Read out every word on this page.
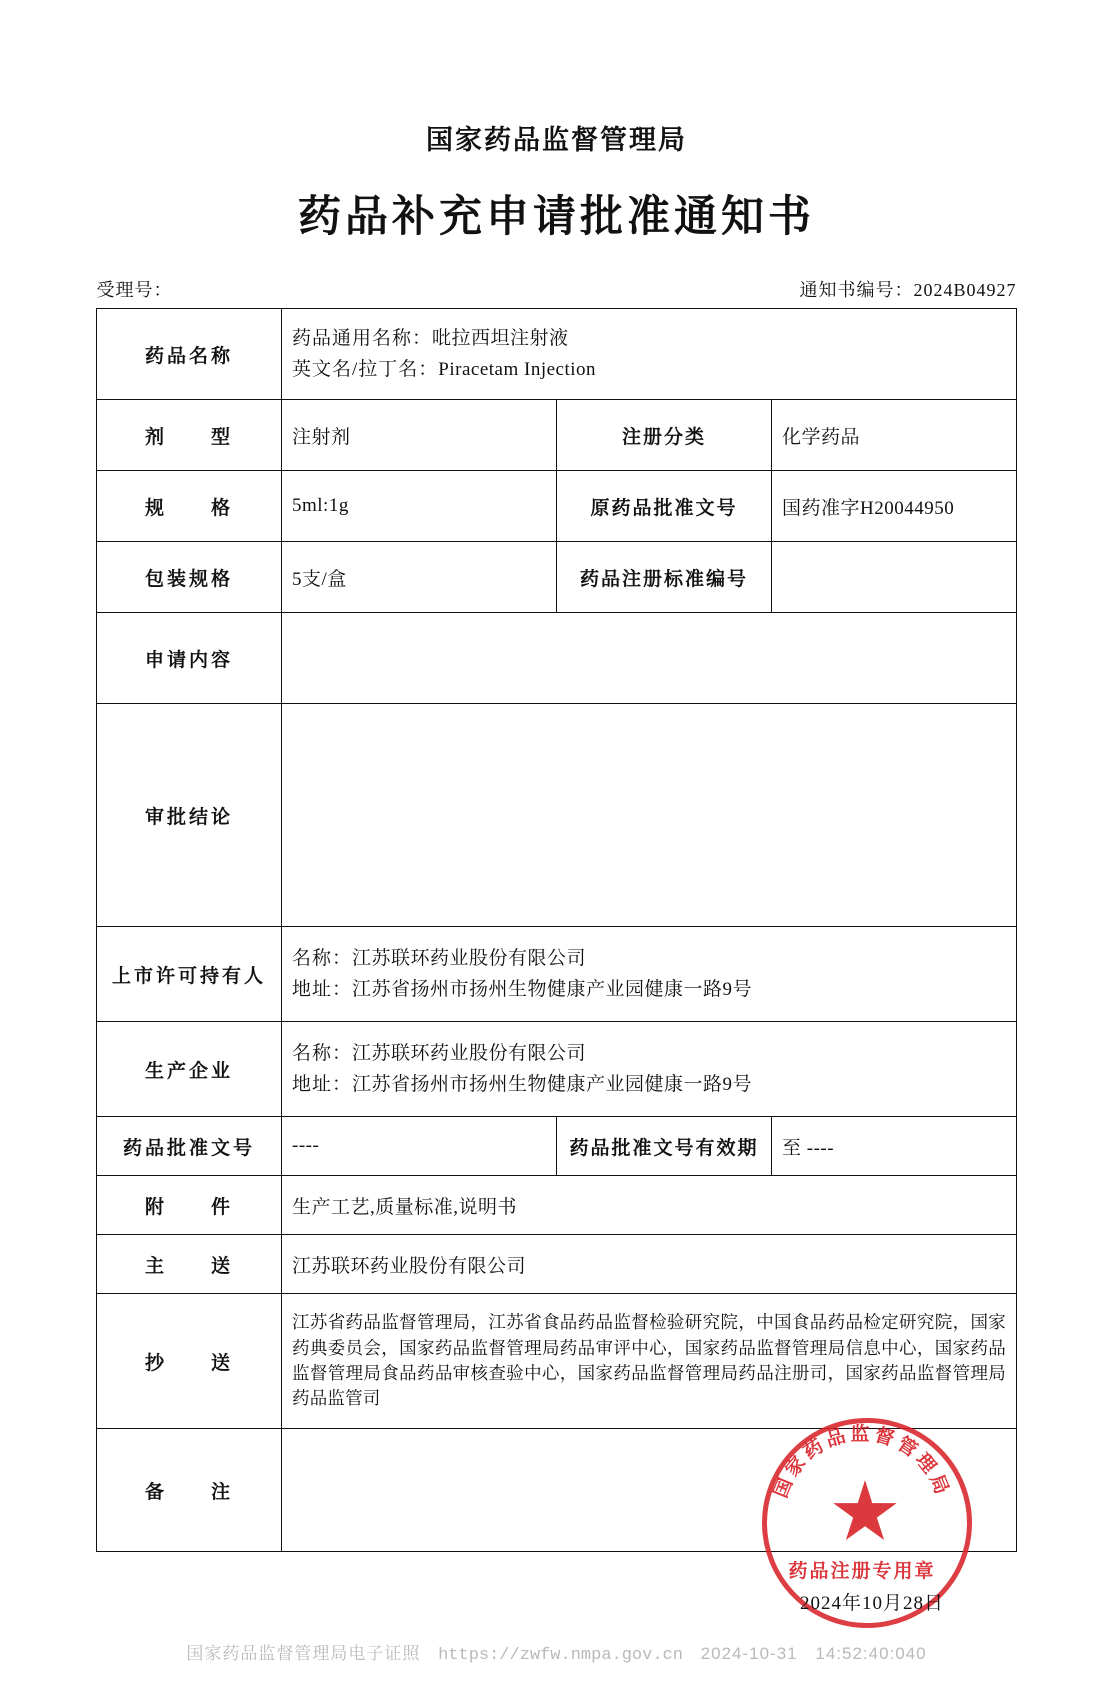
国家药品监督管理局
药品补充申请批准通知书
受理号：	通知书编号：2024B04927
药品名称	药品通用名称：吡拉西坦注射液
英文名/拉丁名：Piracetam Injection		

剂　　型	注射剂	注册分类	化学药品
规　　格	5ml:1g	原药品批准文号	国药准字H20044950
包装规格	5支/盒	药品注册标准编号	
申请内容			
审批结论			
上市许可持有人	名称：江苏联环药业股份有限公司
地址：江苏省扬州市扬州生物健康产业园健康一路9号		

生产企业	名称：江苏联环药业股份有限公司
地址：江苏省扬州市扬州生物健康产业园健康一路9号		

药品批准文号	----	药品批准文号有效期	至 ----
附　　件	生产工艺,质量标准,说明书		
主　　送	江苏联环药业股份有限公司		
抄　　送	江苏省药品监督管理局，江苏省食品药品监督检验研究院，中国食品药品检定研究院，国家药典委员会，国家药品监督管理局药品审评中心，国家药品监督管理局信息中心，国家药品监督管理局食品药品审核查验中心，国家药品监督管理局药品注册司，国家药品监督管理局药品监管司		

备　　注				国家药品监督管理局
药品注册专用章
2024年10月28日
国家药品监督管理局电子证照 https://zwfw.nmpa.gov.cn 2024-10-31 14:52:40:040
